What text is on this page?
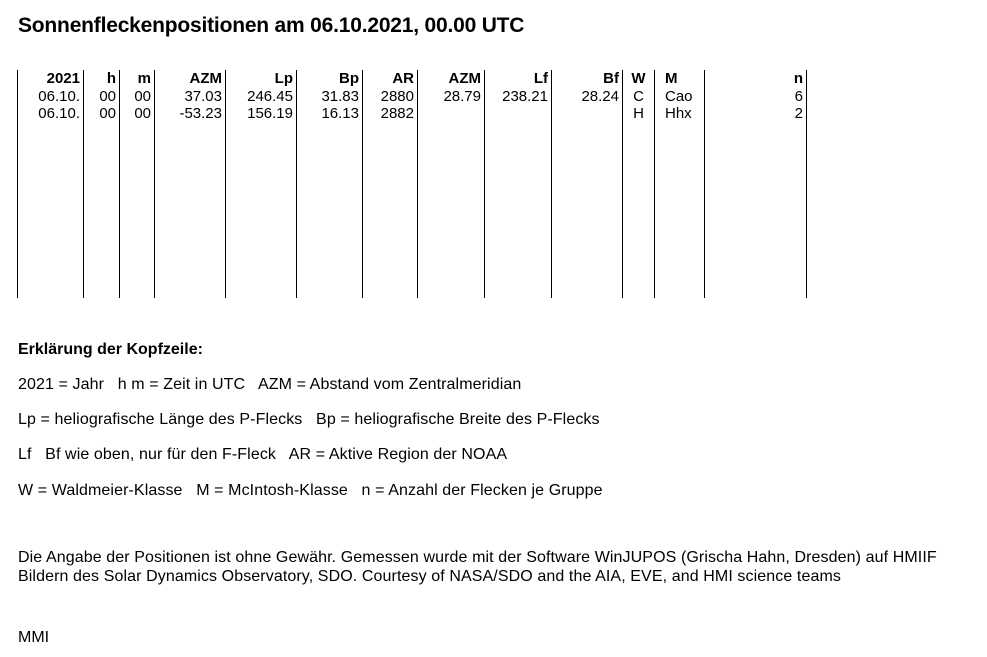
Sonnenfleckenpositionen am 06.10.2021, 00.00 UTC
2021
06.10.
06.10.
h
00
00
m
00
00
AZM
37.03
-53.23
Lp
246.45
156.19
Bp
31.83
16.13
AR
2880
2882
AZM
28.79
Lf
238.21
Bf
28.24
W
C
H
M
Cao
Hhx
n
6
2
Erklärung der Kopfzeile:
2021 = Jahr   h m = Zeit in UTC   AZM = Abstand vom Zentralmeridian
Lp = heliografische Länge des P-Flecks   Bp = heliografische Breite des P-Flecks
Lf   Bf wie oben, nur für den F-Fleck   AR = Aktive Region der NOAA
W = Waldmeier-Klasse   M = McIntosh-Klasse   n = Anzahl der Flecken je Gruppe
Die Angabe der Positionen ist ohne Gewähr. Gemessen wurde mit der Software WinJUPOS (Grischa Hahn, Dresden) auf HMIIF Bildern des Solar Dynamics Observatory, SDO. Courtesy of NASA/SDO and the AIA, EVE, and HMI science teams
MMI
